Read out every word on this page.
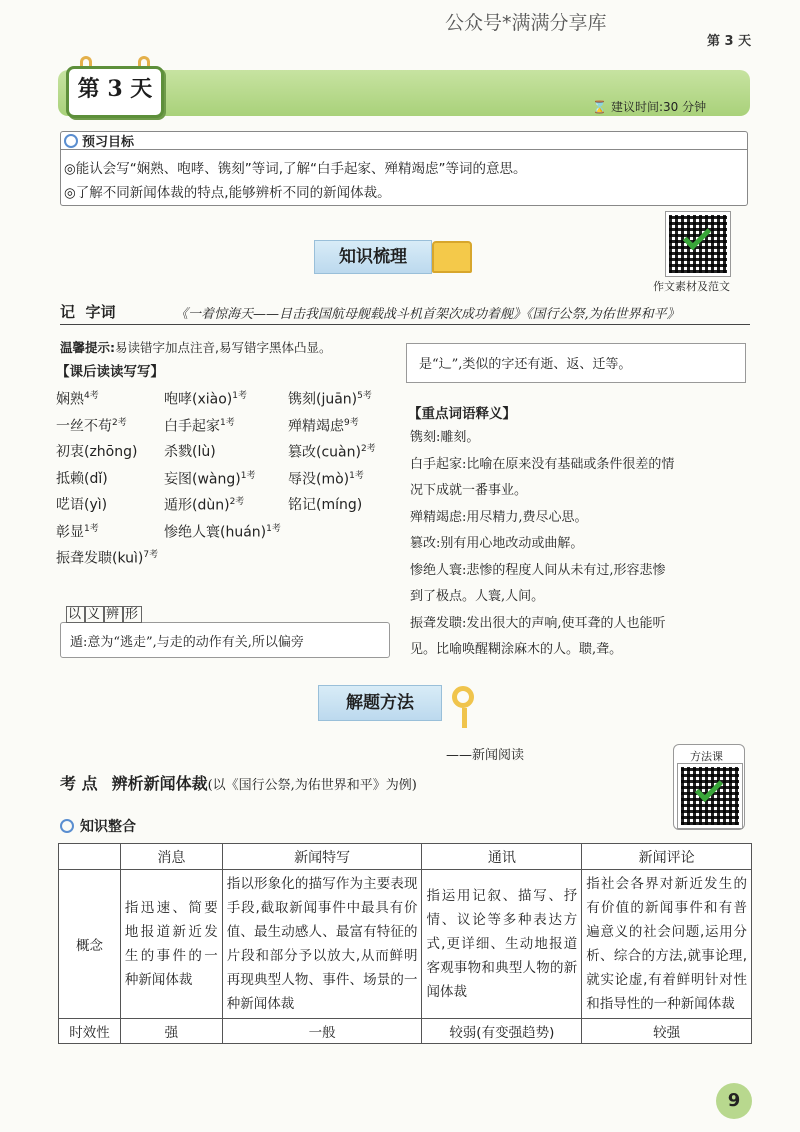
公众号*满满分享库
第 3 天
第 3 天
⌛ 建议时间:30 分钟
预习目标
◎能认会写“娴熟、咆哮、镌刻”等词,了解“白手起家、殚精竭虑”等词的意思。
◎了解不同新闻体裁的特点,能够辨析不同的新闻体裁。
知识梳理
作文素材及范文
记 字词	《一着惊海天——目击我国航母舰载战斗机首架次成功着舰》《国行公祭,为佑世界和平》
温馨提示:易读错字加点注音,易写错字黑体凸显。
【课后读读写写】
娴熟$^{4考}$	咆哮(xiào)$^{1考}$	镌刻(juān)$^{5考}$
一丝不苟$^{2考}$	白手起家$^{1考}$	殚精竭虑$^{9考}$
初衷(zhōng) 杀戮(lù)	篡改(cuàn)$^{2考}$
抵赖(dǐ)	妄图(wàng)$^{1考}$ 辱没(mò)$^{1考}$
呓语(yì)	遁形(dùn)$^{2考}$	铭记(míng)
彰显$^{1考}$	惨绝人寰(huán)$^{1考}$
振聋发聩(kuì)$^{7考}$
是“辶”,类似的字还有逝、返、迁等。
以 义 辨 形
遁:意为“逃走”,与走的动作有关,所以偏旁
【重点词语释义】
镌刻:雕刻。
白手起家:比喻在原来没有基础或条件很差的情
况下成就一番事业。
殚精竭虑:用尽精力,费尽心思。
篡改:别有用心地改动或曲解。
惨绝人寰:悲惨的程度人间从未有过,形容悲惨
到了极点。人寰,人间。
振聋发聩:发出很大的声响,使耳聋的人也能听
见。比喻唤醒糊涂麻木的人。聩,聋。
解题方法
——新闻阅读	方法课
考 点 辨析新闻体裁(以《国行公祭,为佑世界和平》为例)
知识整合
	消息	新闻特写	通讯	新闻评论
概念	指迅速、简要地报道新近发生的事件的一种新闻体裁	指以形象化的描写作为主要表现手段,截取新闻事件中最具有价值、最生动感人、最富有特征的片段和部分予以放大,从而鲜明再现典型人物、事件、场景的一种新闻体裁	指运用记叙、描写、抒情、议论等多种表达方式,更详细、生动地报道客观事物和典型人物的新闻体裁	指社会各界对新近发生的有价值的新闻事件和有普遍意义的社会问题,运用分析、综合的方法,就事论理,就实论虚,有着鲜明针对性和指导性的一种新闻体裁
时效性	强	一般	较弱(有变强趋势)	较强
9
